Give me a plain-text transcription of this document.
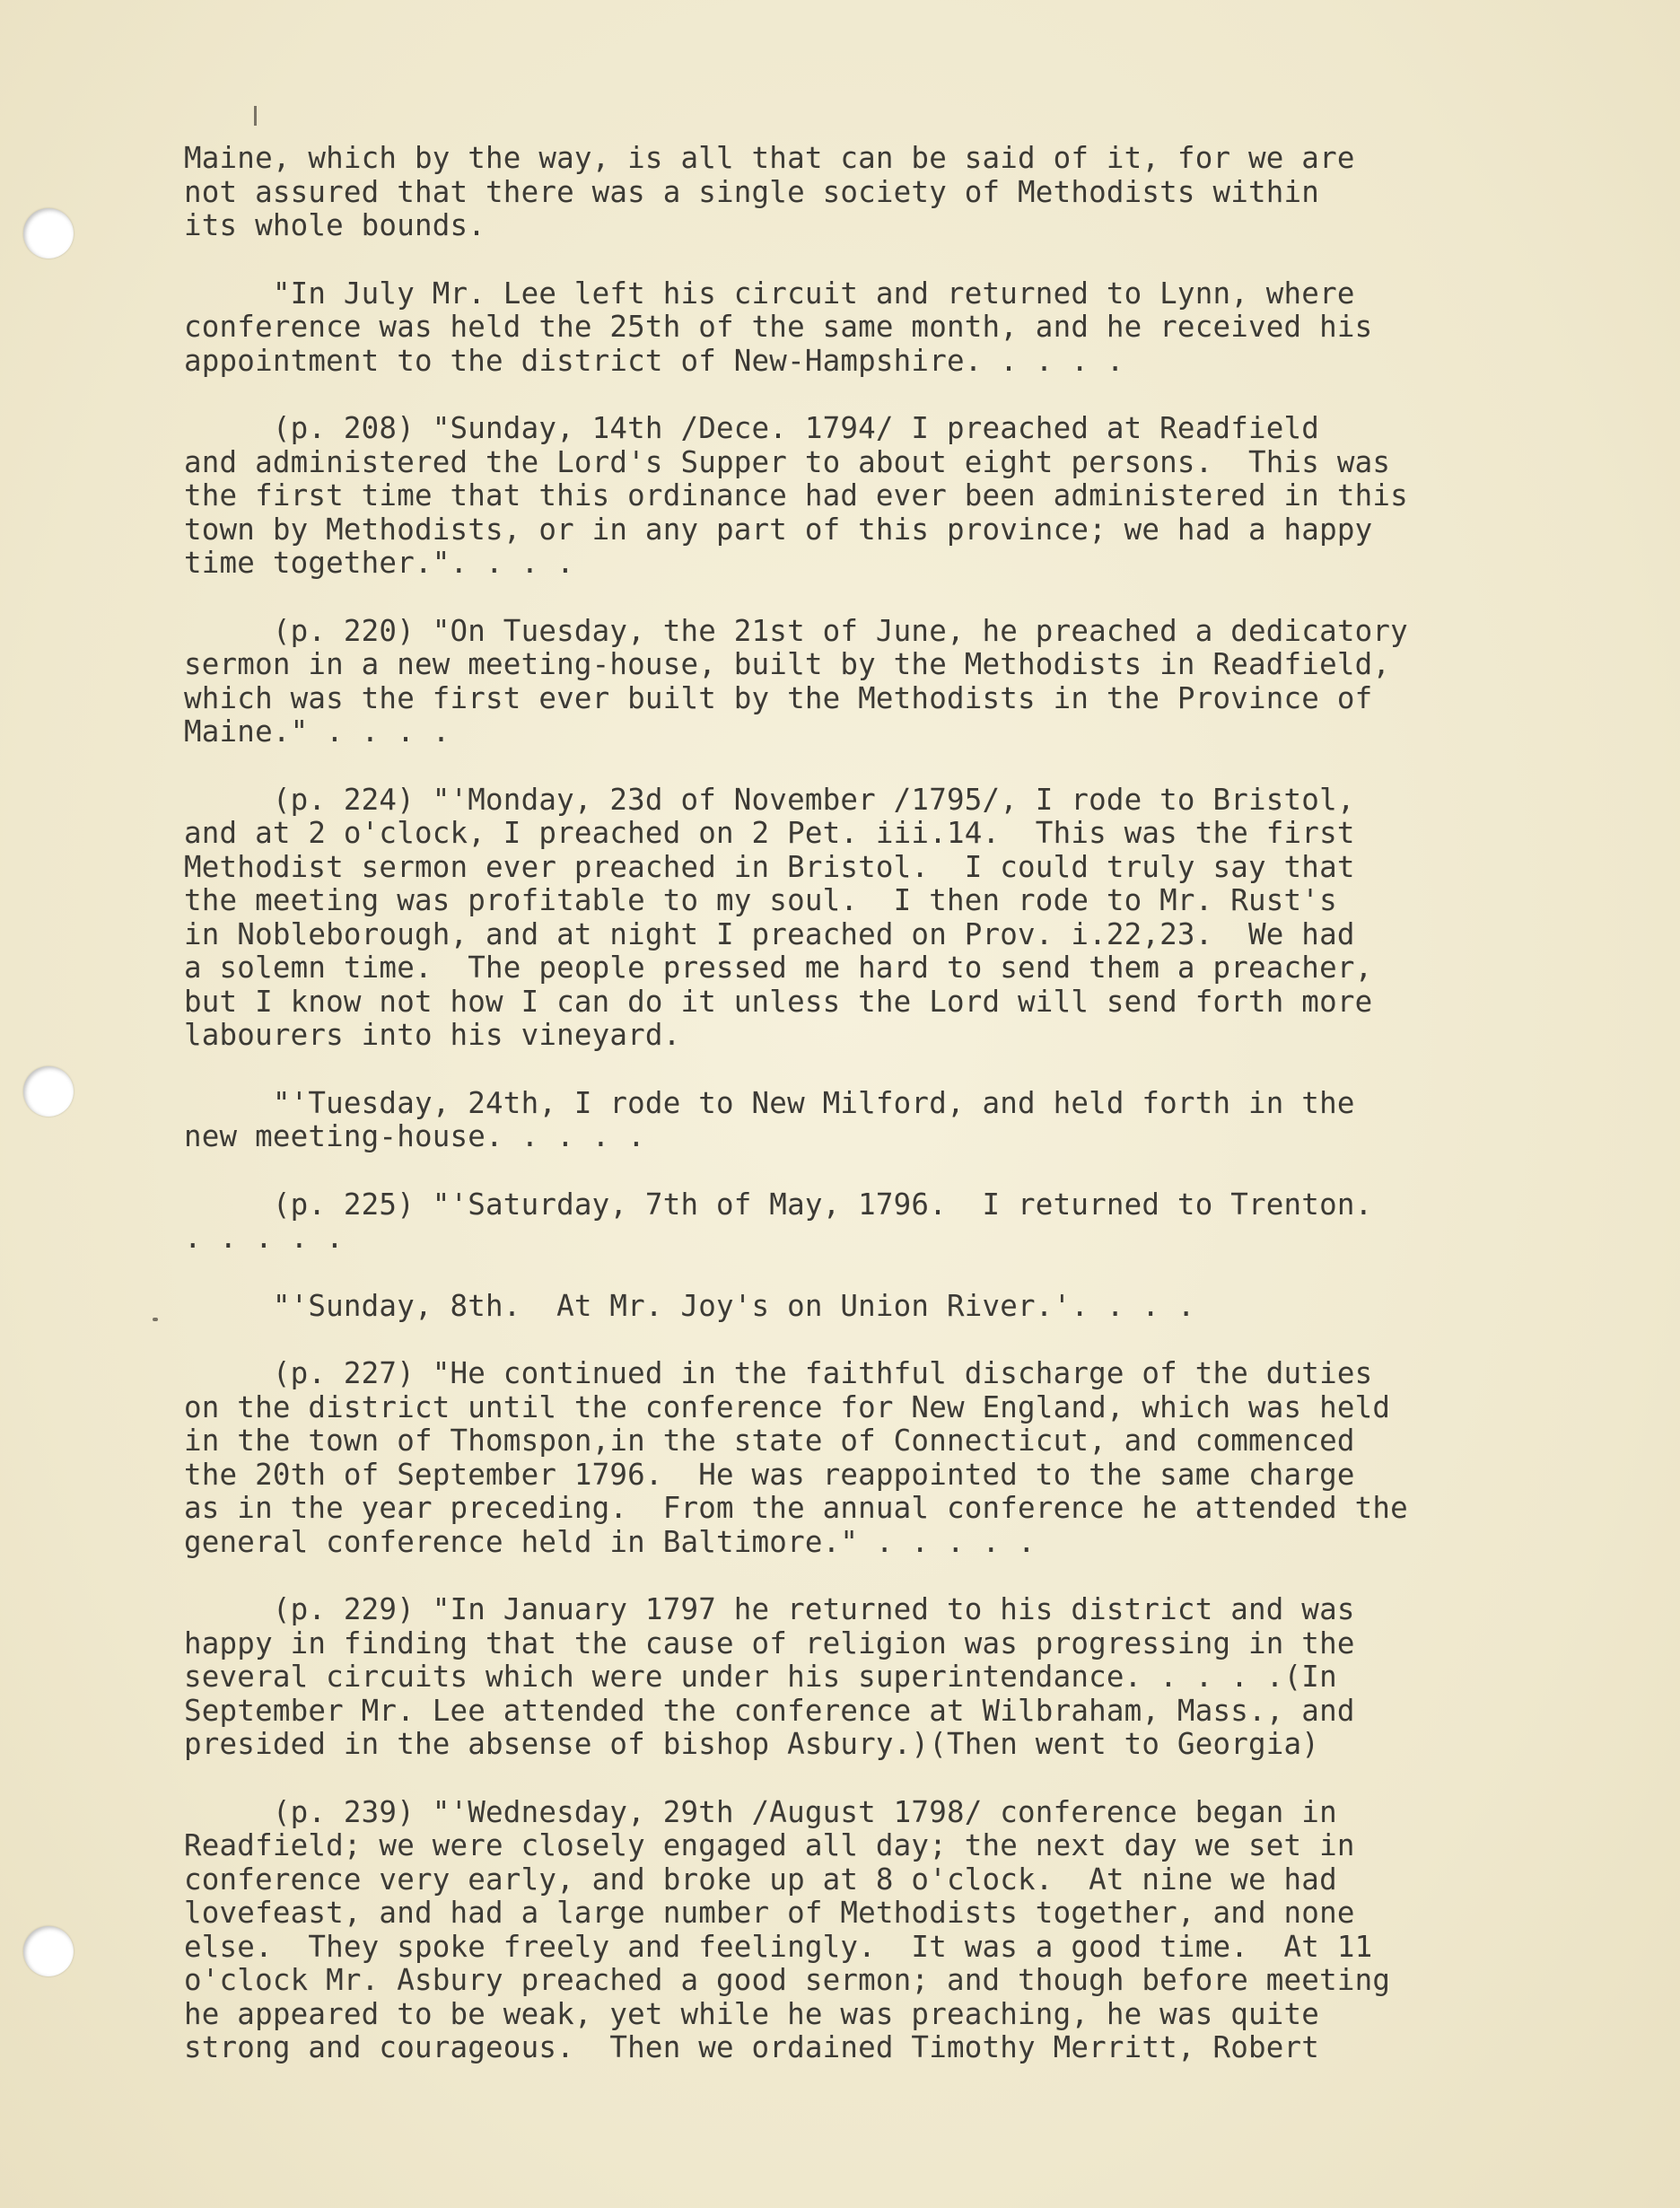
Maine, which by the way, is all that can be said of it, for we are
not assured that there was a single society of Methodists within
its whole bounds.
"In July Mr. Lee left his circuit and returned to Lynn, where
conference was held the 25th of the same month, and he received his
appointment to the district of New-Hampshire. . . . .
(p. 208) "Sunday, 14th /Dece. 1794/ I preached at Readfield
and administered the Lord's Supper to about eight persons.  This was
the first time that this ordinance had ever been administered in this
town by Methodists, or in any part of this province; we had a happy
time together.". . . .
(p. 220) "On Tuesday, the 21st of June, he preached a dedicatory
sermon in a new meeting-house, built by the Methodists in Readfield,
which was the first ever built by the Methodists in the Province of
Maine." . . . .
(p. 224) "'Monday, 23d of November /1795/, I rode to Bristol,
and at 2 o'clock, I preached on 2 Pet. iii.14.  This was the first
Methodist sermon ever preached in Bristol.  I could truly say that
the meeting was profitable to my soul.  I then rode to Mr. Rust's
in Nobleborough, and at night I preached on Prov. i.22,23.  We had
a solemn time.  The people pressed me hard to send them a preacher,
but I know not how I can do it unless the Lord will send forth more
labourers into his vineyard.
"'Tuesday, 24th, I rode to New Milford, and held forth in the
new meeting-house. . . . .
(p. 225) "'Saturday, 7th of May, 1796.  I returned to Trenton.
. . . . .
"'Sunday, 8th.  At Mr. Joy's on Union River.'. . . .
(p. 227) "He continued in the faithful discharge of the duties
on the district until the conference for New England, which was held
in the town of Thomspon,in the state of Connecticut, and commenced
the 20th of September 1796.  He was reappointed to the same charge
as in the year preceding.  From the annual conference he attended the
general conference held in Baltimore." . . . . .
(p. 229) "In January 1797 he returned to his district and was
happy in finding that the cause of religion was progressing in the
several circuits which were under his superintendance. . . . .(In
September Mr. Lee attended the conference at Wilbraham, Mass., and
presided in the absense of bishop Asbury.)(Then went to Georgia)
(p. 239) "'Wednesday, 29th /August 1798/ conference began in
Readfield; we were closely engaged all day; the next day we set in
conference very early, and broke up at 8 o'clock.  At nine we had
lovefeast, and had a large number of Methodists together, and none
else.  They spoke freely and feelingly.  It was a good time.  At 11
o'clock Mr. Asbury preached a good sermon; and though before meeting
he appeared to be weak, yet while he was preaching, he was quite
strong and courageous.  Then we ordained Timothy Merritt, Robert
